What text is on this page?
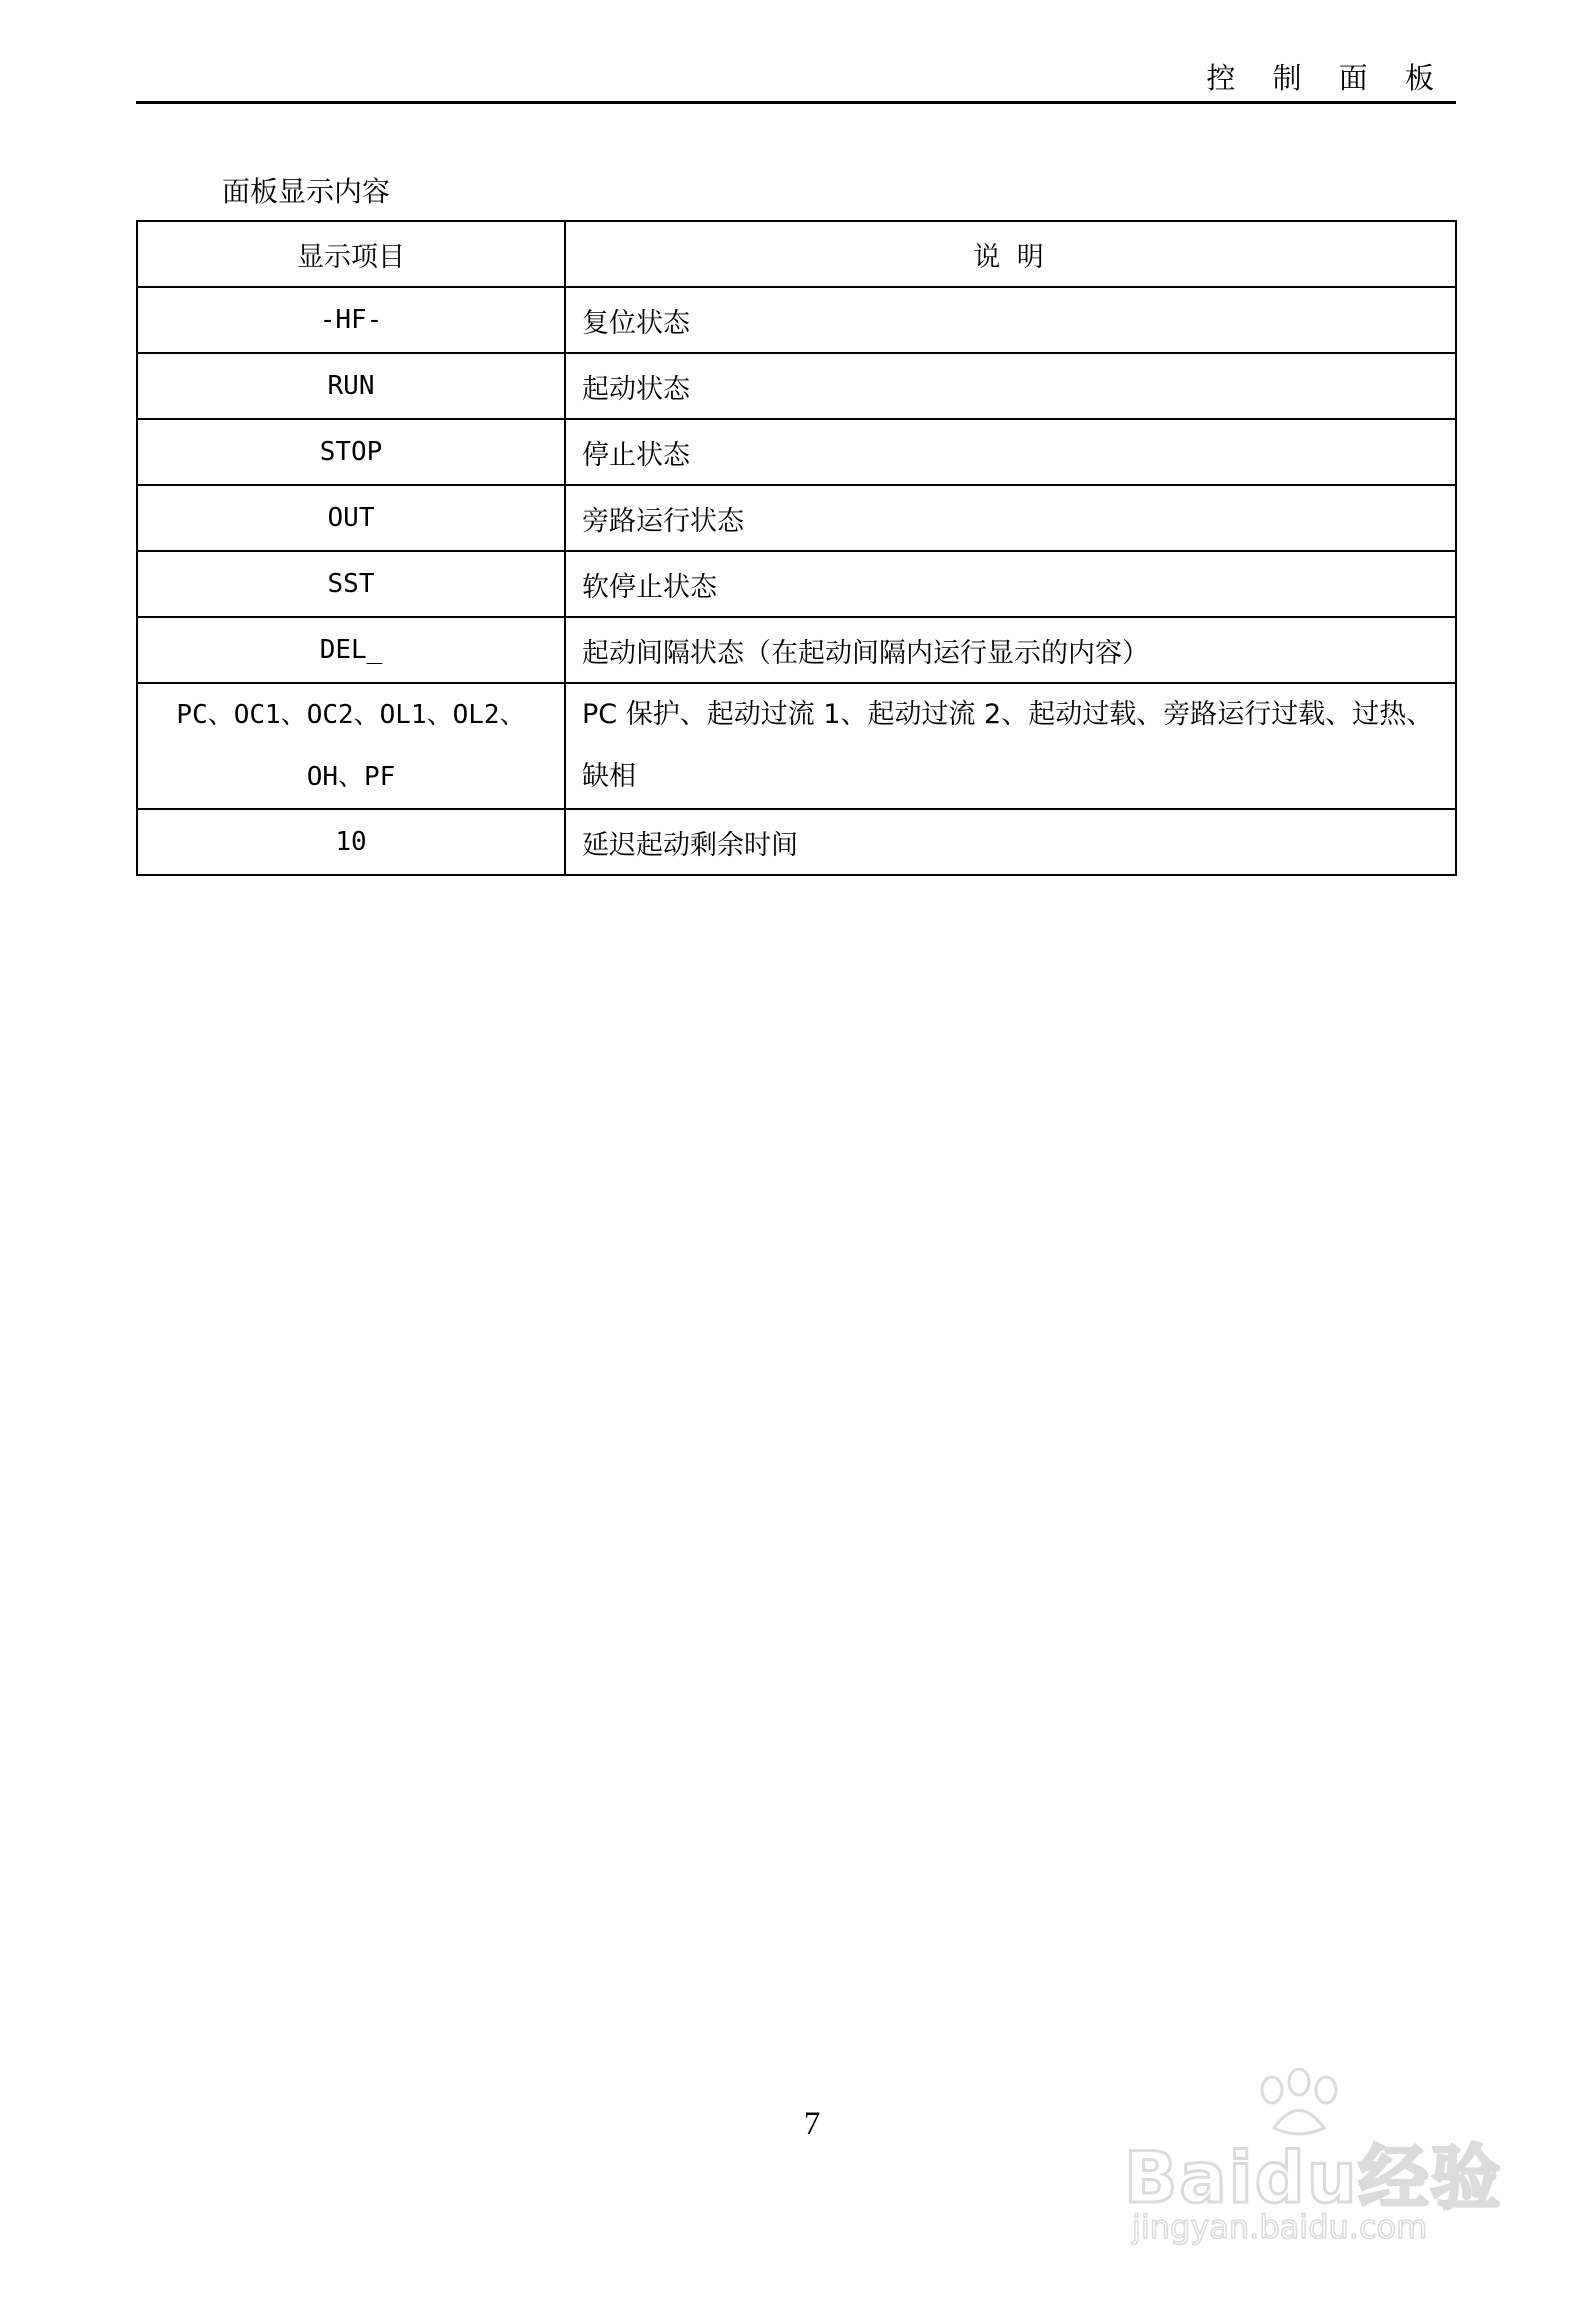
控 制 面 板
面板显示内容
显示项目	说 明
-HF-	复位状态
RUN	起动状态
STOP	停止状态
OUT	旁路运行状态
SST	软停止状态
DEL_	起动间隔状态（在起动间隔内运行显示的内容）
PC、OC1、OC2、OL1、OL2、OH、PF	PC 保护、起动过流 1、起动过流 2、起动过载、旁路运行过载、过热、缺相
10	延迟起动剩余时间
7
Baidu经验
jingyan.baidu.com
